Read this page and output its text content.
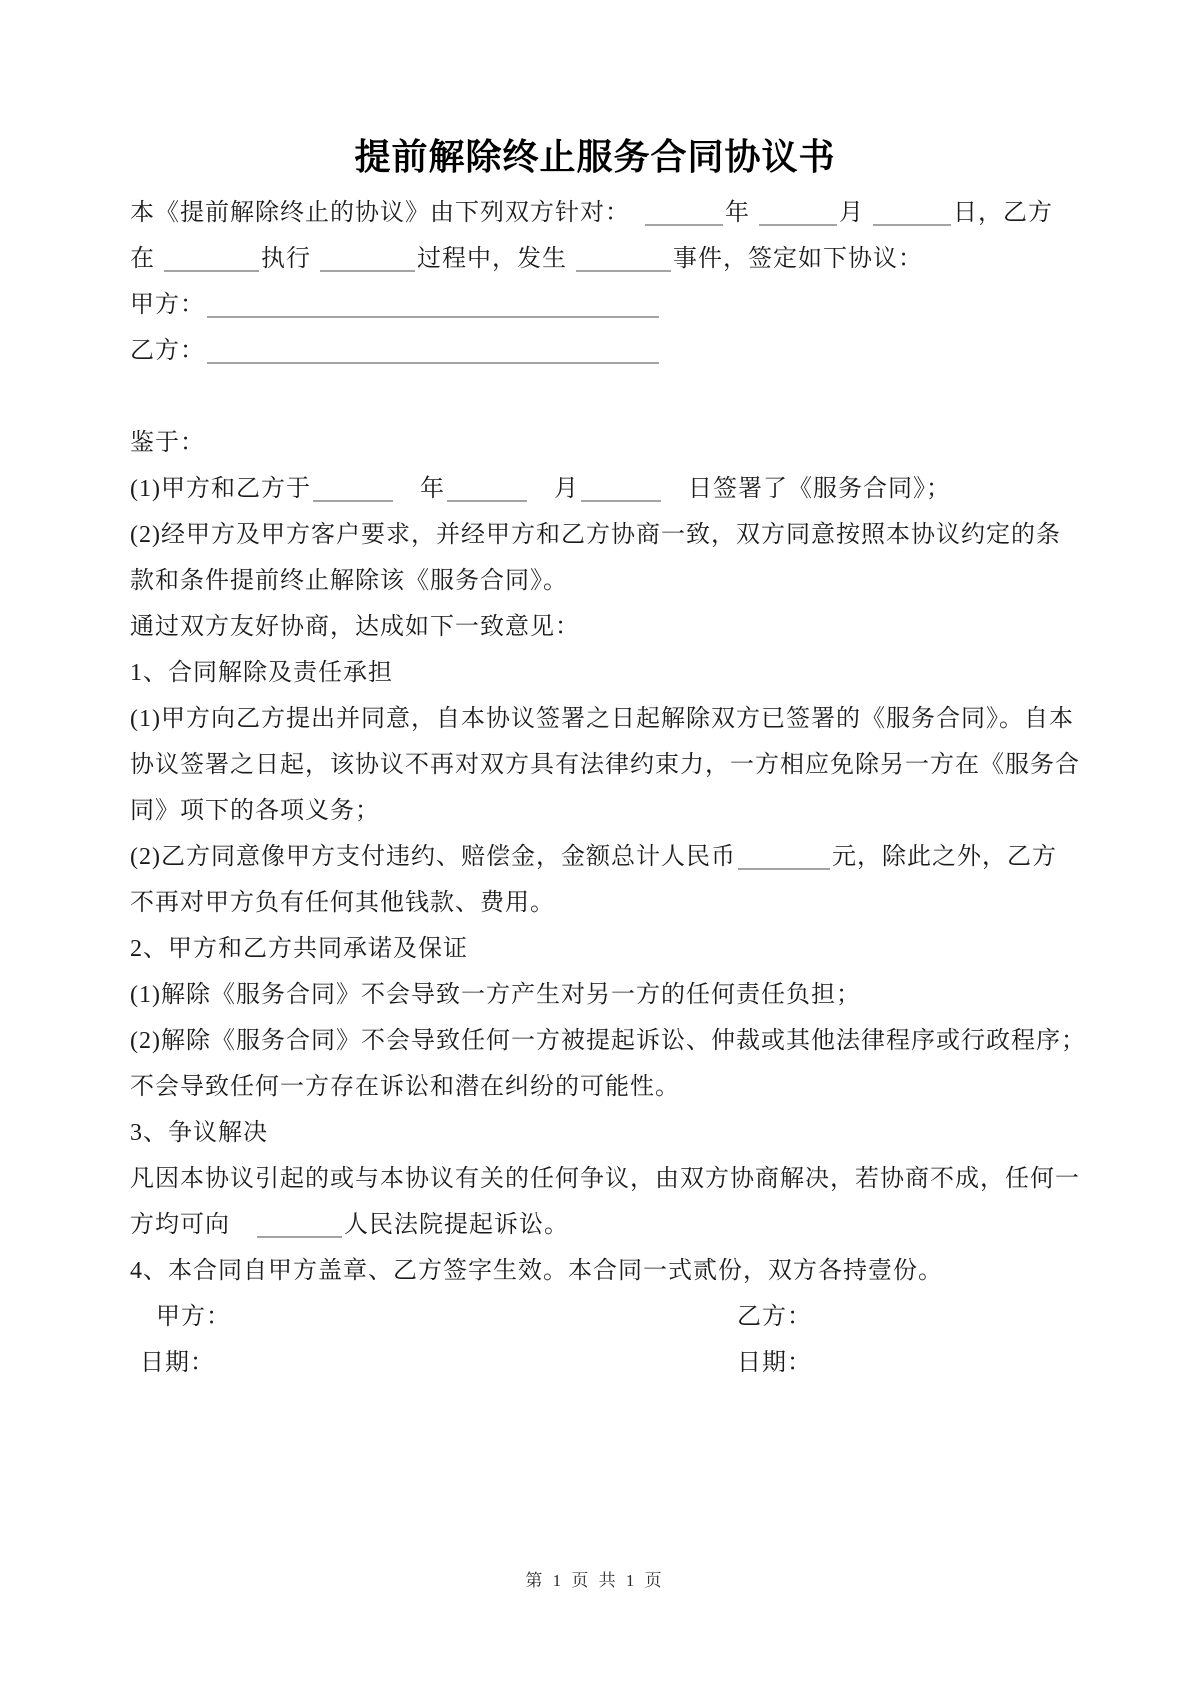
提前解除终止服务合同协议书
本《提前解除终止的协议》由下列双方针对：　	年	月	日，乙方
在	执行	过程中，发生	事件，签定如下协议：
甲方：
乙方：
鉴于：
(1)甲方和乙方于	　年	　月	　日签署了《服务合同》；
(2)经甲方及甲方客户要求，并经甲方和乙方协商一致，双方同意按照本协议约定的条
款和条件提前终止解除该《服务合同》。
通过双方友好协商，达成如下一致意见：
1、合同解除及责任承担
(1)甲方向乙方提出并同意，自本协议签署之日起解除双方已签署的《服务合同》。自本
协议签署之日起，该协议不再对双方具有法律约束力，一方相应免除另一方在《服务合
同》项下的各项义务；
(2)乙方同意像甲方支付违约、赔偿金，金额总计人民币	元，除此之外，乙方
不再对甲方负有任何其他钱款、费用。
2、甲方和乙方共同承诺及保证
(1)解除《服务合同》不会导致一方产生对另一方的任何责任负担；
(2)解除《服务合同》不会导致任何一方被提起诉讼、仲裁或其他法律程序或行政程序；
不会导致任何一方存在诉讼和潜在纠纷的可能性。
3、争议解决
凡因本协议引起的或与本协议有关的任何争议，由双方协商解决，若协商不成，任何一
方均可向　	人民法院提起诉讼。
4、本合同自甲方盖章、乙方签字生效。本合同一式贰份，双方各持壹份。
甲方：	乙方：
日期：	日期：
第 1 页 共 1 页
